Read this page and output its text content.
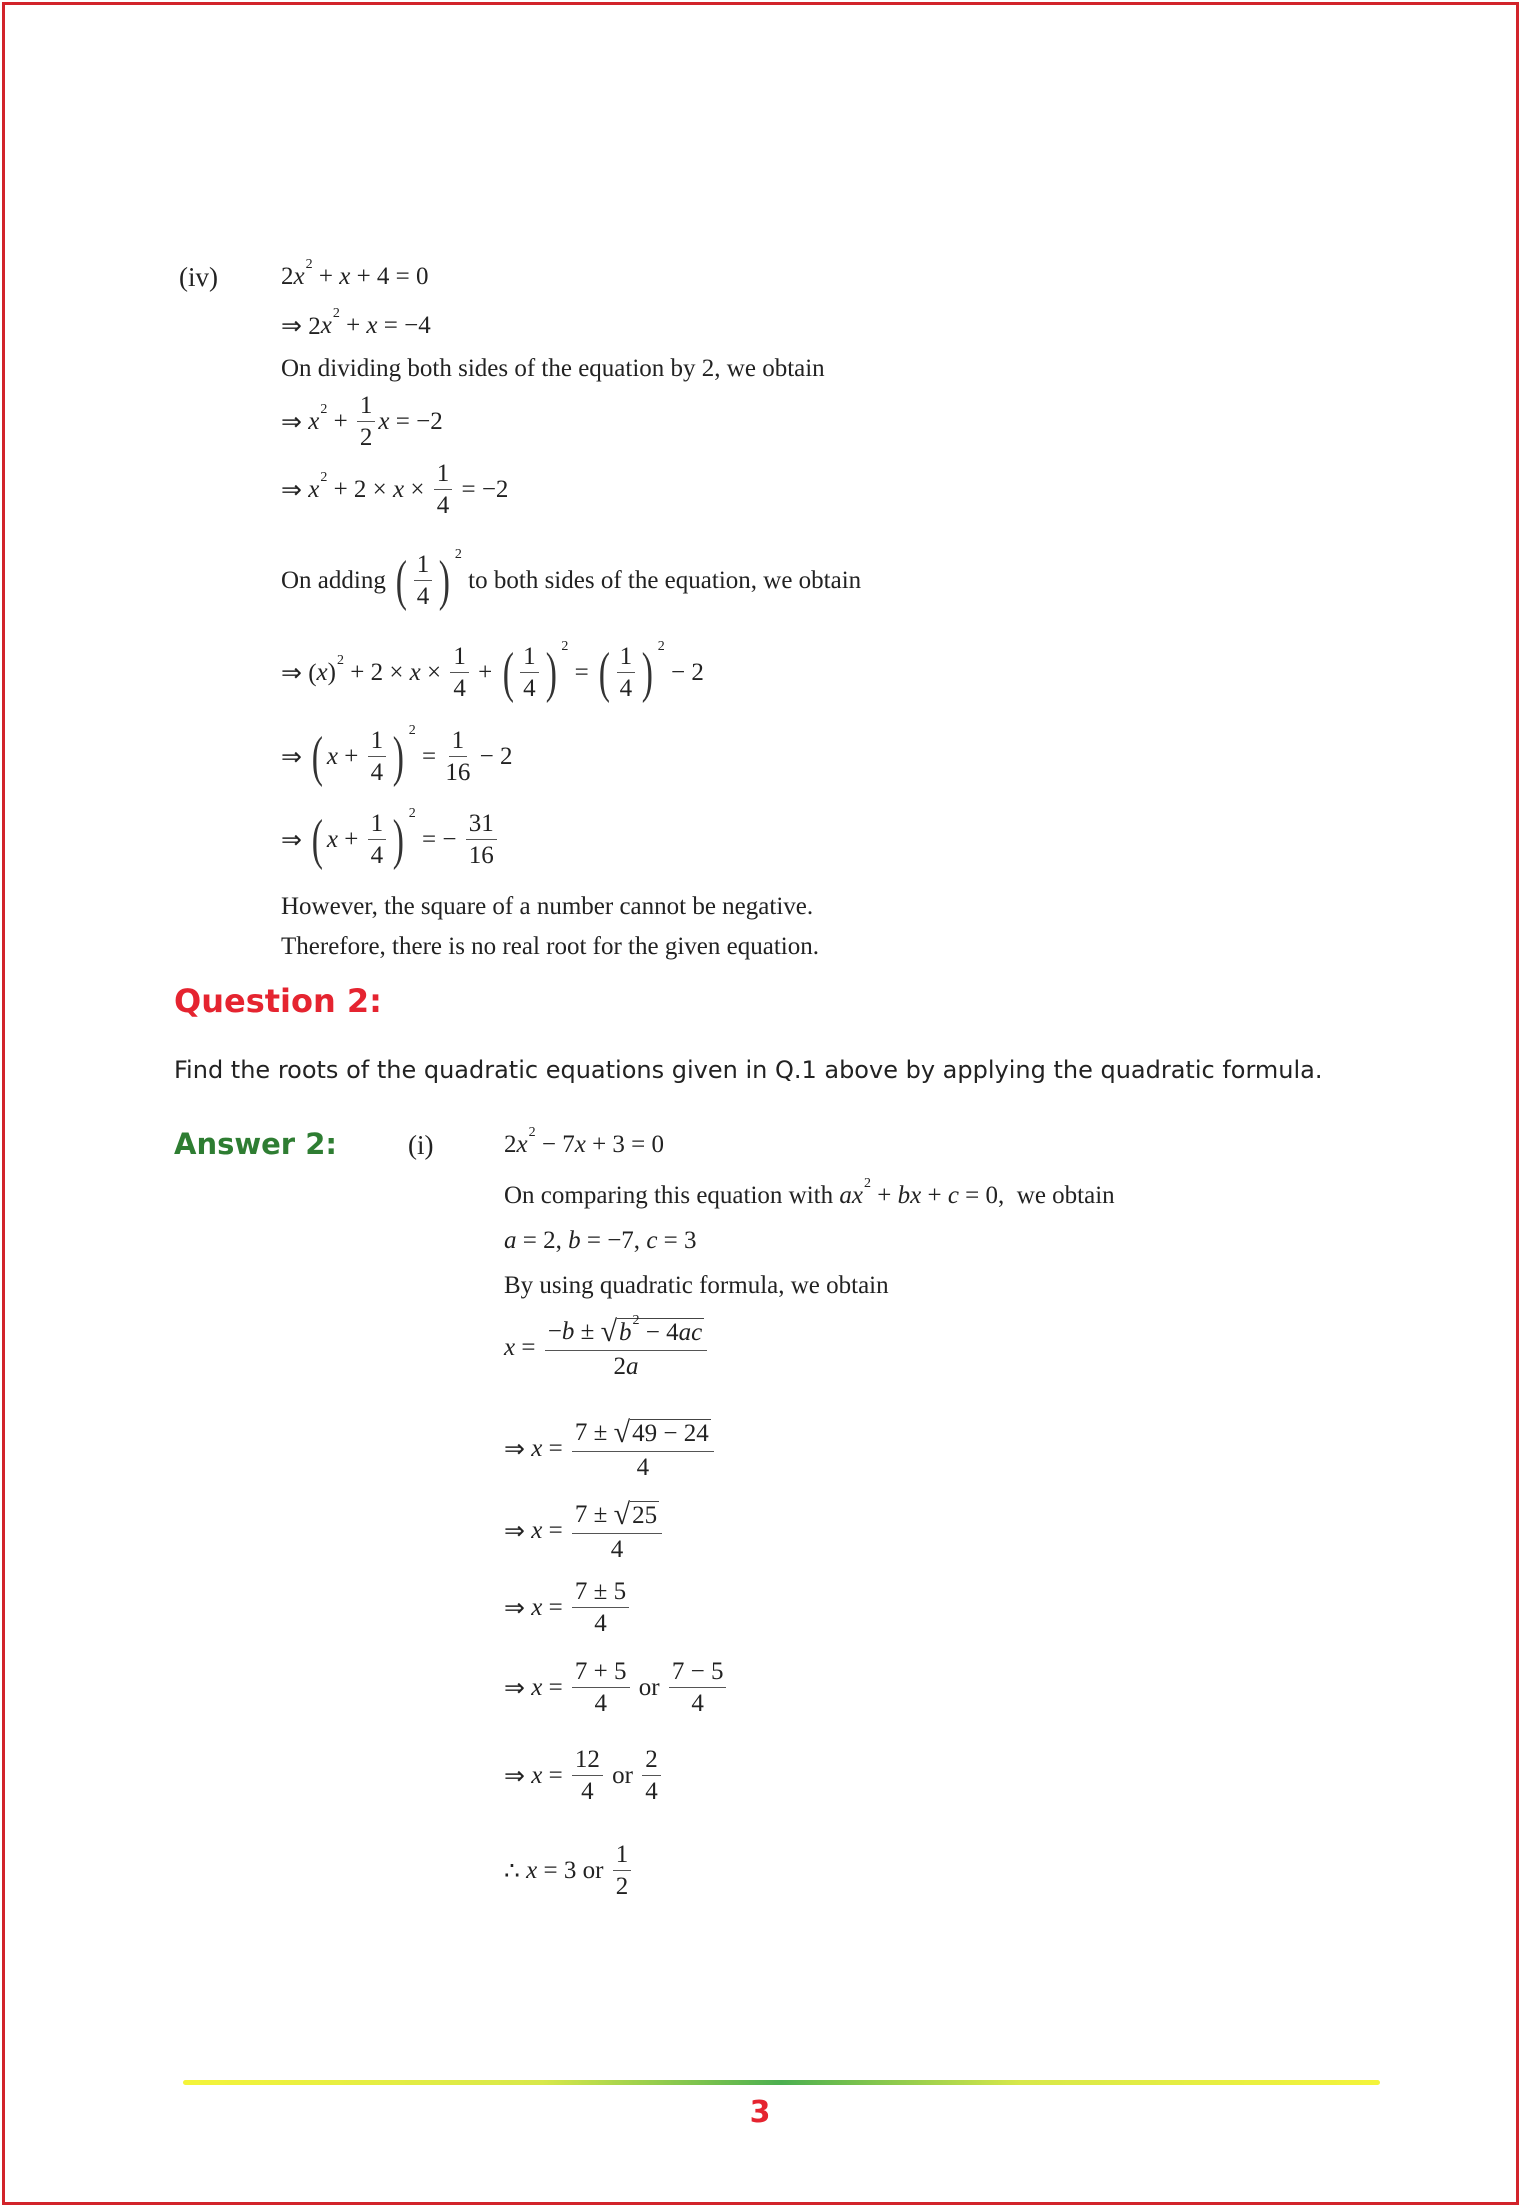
(iv)	2 x 2 + x + 4 = 0
⇒ 2 x 2 + x = −4
On dividing both sides of the equation by 2, we obtain
⇒ x $2 + \frac{1}{2}$ x = −2
⇒ x $2 + 2 \times x \times \frac{1}{4} = -2$
On adding ( $\frac{1}{4}$ ) 2
to both sides of the equation, we obtain
⇒ ( x ) $2 + 2 \times x \times \frac{1}{4}$ + ( $\frac{1}{4}$ ) 2
= ( $\frac{1}{4}$ ) 2
− 2
⇒ ( $x + \frac{1}{4}$ ) 2
= $\frac{1}{16} - 2$
⇒ ( $x + \frac{1}{4}$ ) 2
= − $\frac{31}{16}$
However, the square of a number cannot be negative.
Therefore, there is no real root for the given equation.
Question 2:
Find the roots of the quadratic equations given in Q.1 above by applying the quadratic formula.
Answer 2:	(i)	2 x 2 − 7 x + 3 = 0
On comparing this equation with ax 2 + bx + c = 0,  we obtain
a = 2, b = −7, c = 3
By using quadratic formula, we obtain
$x = \frac{- b \pm √ b 2 - 4 ac}{2 a}$
⇒ $x = \frac{7 \pm √ 49 - 24}{4}$
⇒ $x = \frac{7 \pm √ 25}{4}$
⇒ $x = \frac{7 \pm 5}{4}$
⇒ $x = \frac{7 + 5}{4}$ or $\frac{7 - 5}{4}$
⇒ $x = \frac{12}{4}$ or $\frac{2}{4}$
∴ x = 3 or $\frac{1}{2}$
3
